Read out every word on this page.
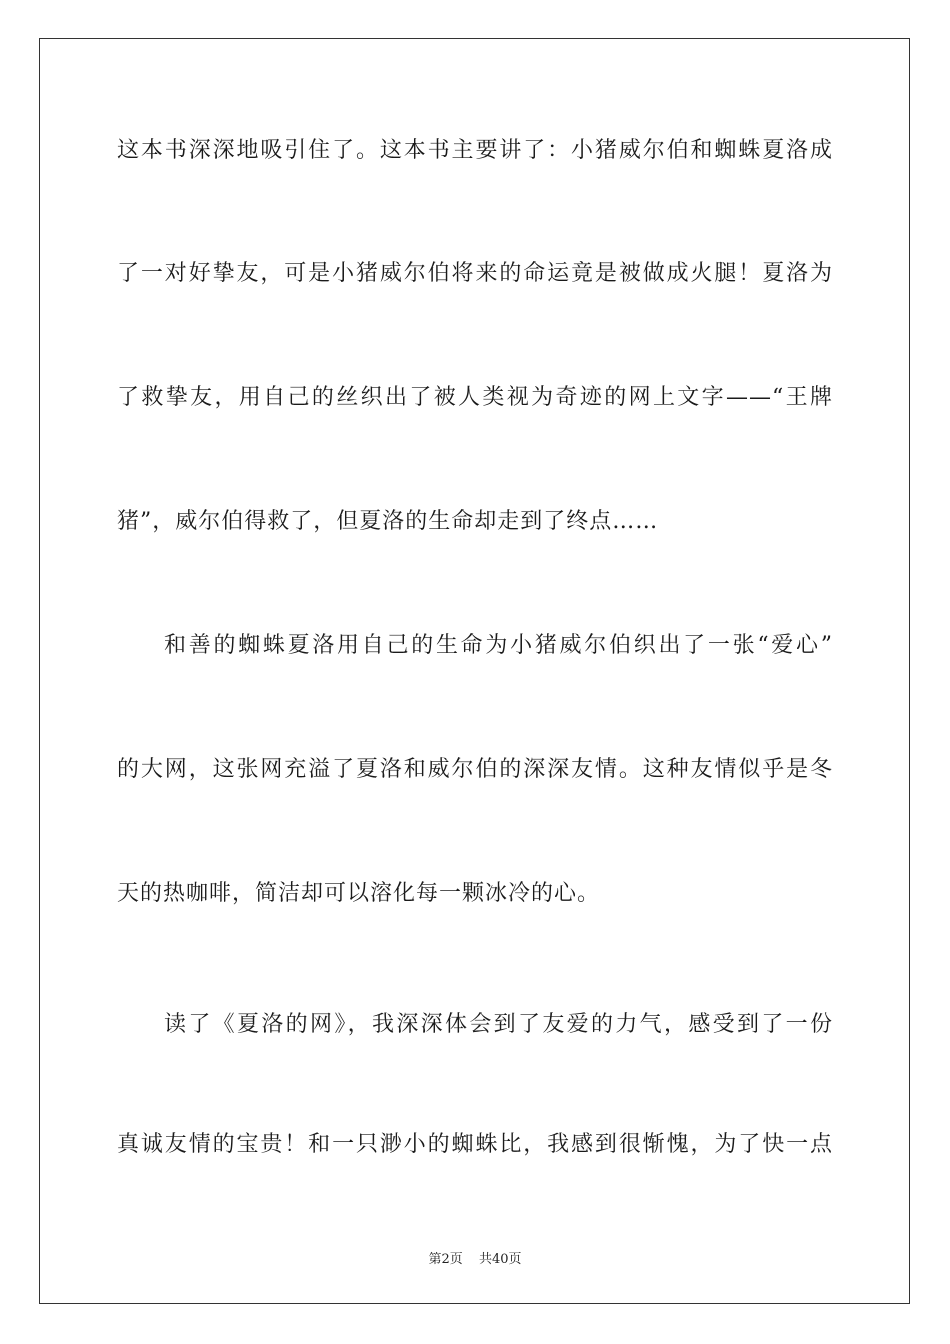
这本书深深地吸引住了。这本书主要讲了：小猪威尔伯和蜘蛛夏洛成
了一对好挚友，可是小猪威尔伯将来的命运竟是被做成火腿！夏洛为
了救挚友，用自己的丝织出了被人类视为奇迹的网上文字——“王牌
猪”，威尔伯得救了，但夏洛的生命却走到了终点……
和善的蜘蛛夏洛用自己的生命为小猪威尔伯织出了一张“爱心”
的大网，这张网充溢了夏洛和威尔伯的深深友情。这种友情似乎是冬
天的热咖啡，简洁却可以溶化每一颗冰冷的心。
读了《夏洛的网》，我深深体会到了友爱的力气，感受到了一份
真诚友情的宝贵！和一只渺小的蜘蛛比，我感到很惭愧，为了快一点
第2页 共40页
